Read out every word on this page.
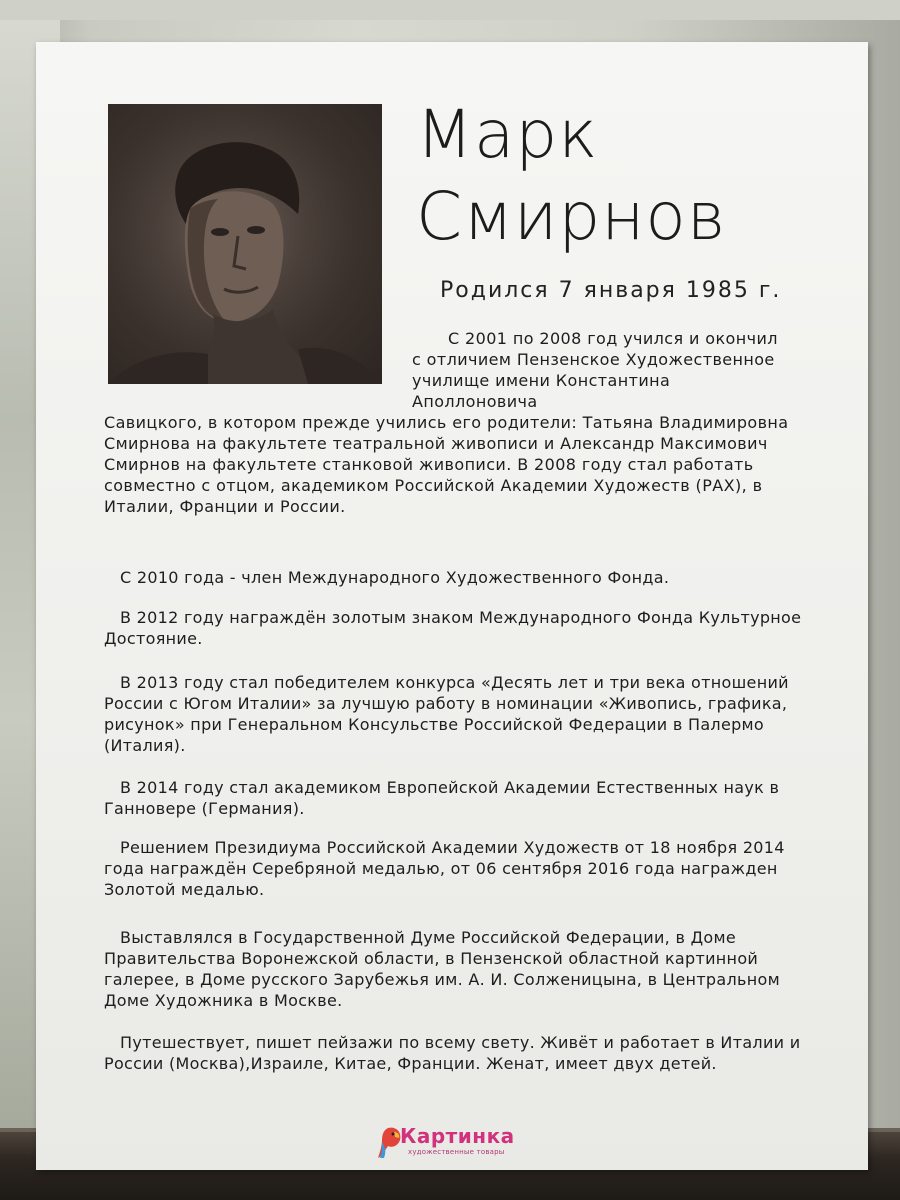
Марк
Смирнов
Родился 7 января 1985 г.

С 2001 по 2008 год учился и окончил с отличием Пензенское Художественное училище имени Константина Аполлоновича

Савицкого, в котором прежде учились его родители: Татьяна Владимировна Смирнова на факультете театральной живописи и Александр Максимович Смирнов на факультете станковой живописи. В 2008 году стал работать совместно с отцом, академиком Российской Академии Художеств (РАХ), в Италии, Франции и России.

С 2010 года - член Международного Художественного Фонда.

В 2012 году награждён золотым знаком Международного Фонда Культурное Достояние.

В 2013 году стал победителем конкурса «Десять лет и три века отношений России с Югом Италии» за лучшую работу в номинации «Живопись, графика, рисунок» при Генеральном Консульстве Российской Федерации в Палермо (Италия).

В 2014 году стал академиком Европейской Академии Естественных наук в Ганновере (Германия).

Решением Президиума Российской Академии Художеств от 18 ноября 2014 года награждён Серебряной медалью, от 06 сентября 2016 года награжден Золотой медалью.

Выставлялся в Государственной Думе Российской Федерации, в Доме Правительства Воронежской области, в Пензенской областной картинной галерее, в Доме русского Зарубежья им. А. И. Солженицына, в Центральном Доме Художника в Москве.

Путешествует, пишет пейзажи по всему свету. Живёт и работает в Италии и России (Москва),Израиле, Китае, Франции. Женат, имеет двух детей.

Картинка
художественные товары
